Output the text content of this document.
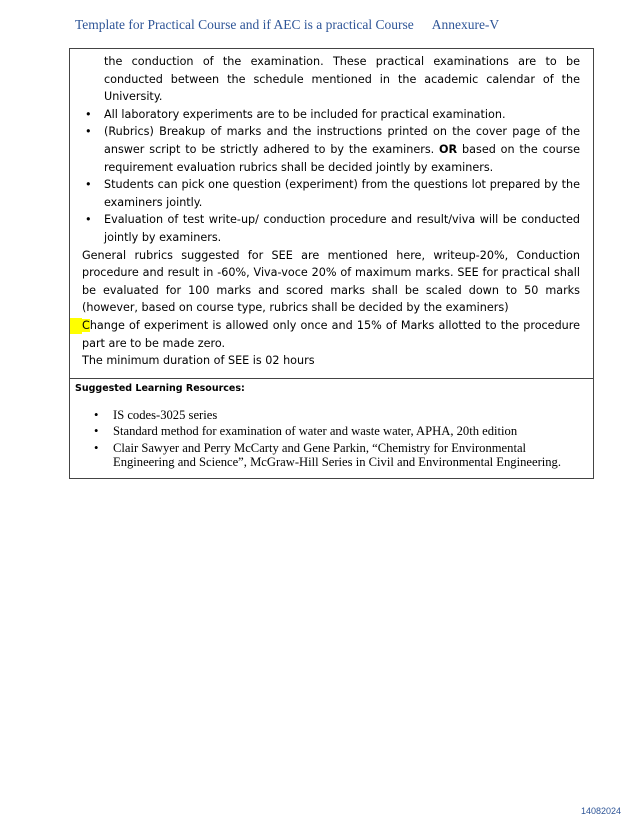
Template for Practical Course and if AEC is a practical Course Annexure-V
the conduction of the examination. These practical examinations are to be conducted between the schedule mentioned in the academic calendar of the University.
• All laboratory experiments are to be included for practical examination.
• (Rubrics) Breakup of marks and the instructions printed on the cover page of the answer script to be strictly adhered to by the examiners. OR based on the course requirement evaluation rubrics shall be decided jointly by examiners.
• Students can pick one question (experiment) from the questions lot prepared by the examiners jointly.
• Evaluation of test write-up/ conduction procedure and result/viva will be conducted jointly by examiners.
General rubrics suggested for SEE are mentioned here, writeup-20%, Conduction procedure and result in -60%, Viva-voce 20% of maximum marks. SEE for practical shall be evaluated for 100 marks and scored marks shall be scaled down to 50 marks (however, based on course type, rubrics shall be decided by the examiners)
Change of experiment is allowed only once and 15% of Marks allotted to the procedure part are to be made zero.
The minimum duration of SEE is 02 hours
Suggested Learning Resources:
• IS codes-3025 series
• Standard method for examination of water and waste water, APHA, 20th edition
• Clair Sawyer and Perry McCarty and Gene Parkin, “Chemistry for Environmental Engineering and Science”, McGraw-Hill Series in Civil and Environmental Engineering.
14082024
